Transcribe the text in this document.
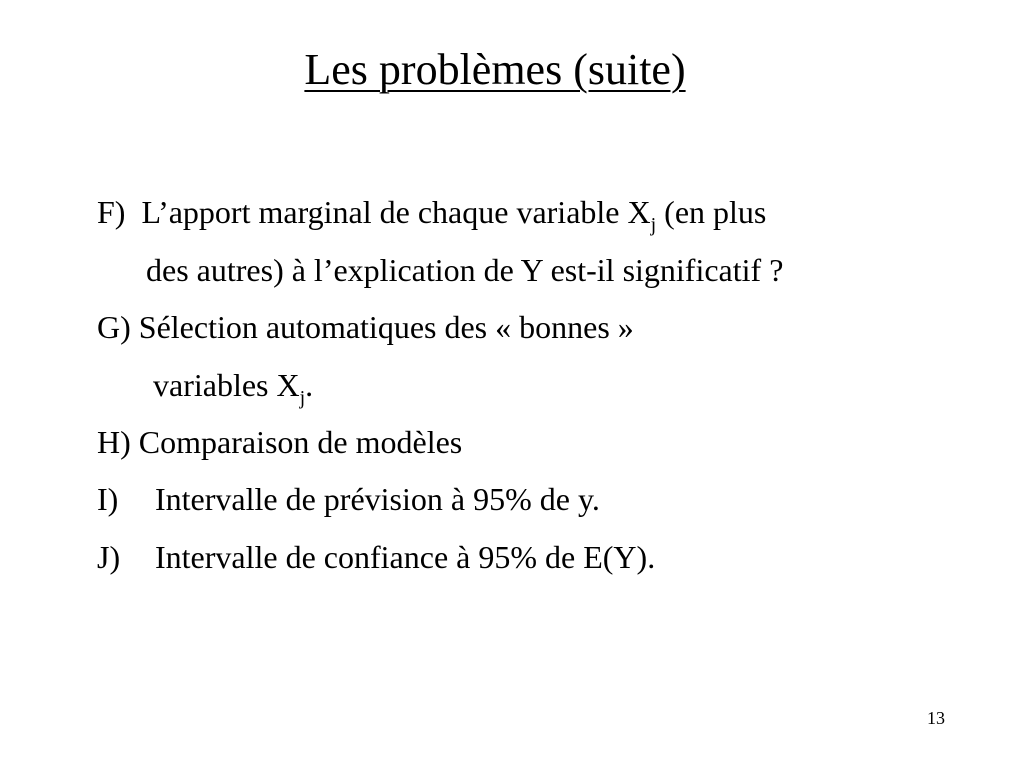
Les problèmes (suite)
F) L’apport marginal de chaque variable $X_j$ (en plus
des autres) à l’explication de Y est-il significatif ?
G) Sélection automatiques des « bonnes »
variables $X_j$.
H) Comparaison de modèles
I) Intervalle de prévision à 95% de y.
J) Intervalle de confiance à 95% de E(Y).
13
